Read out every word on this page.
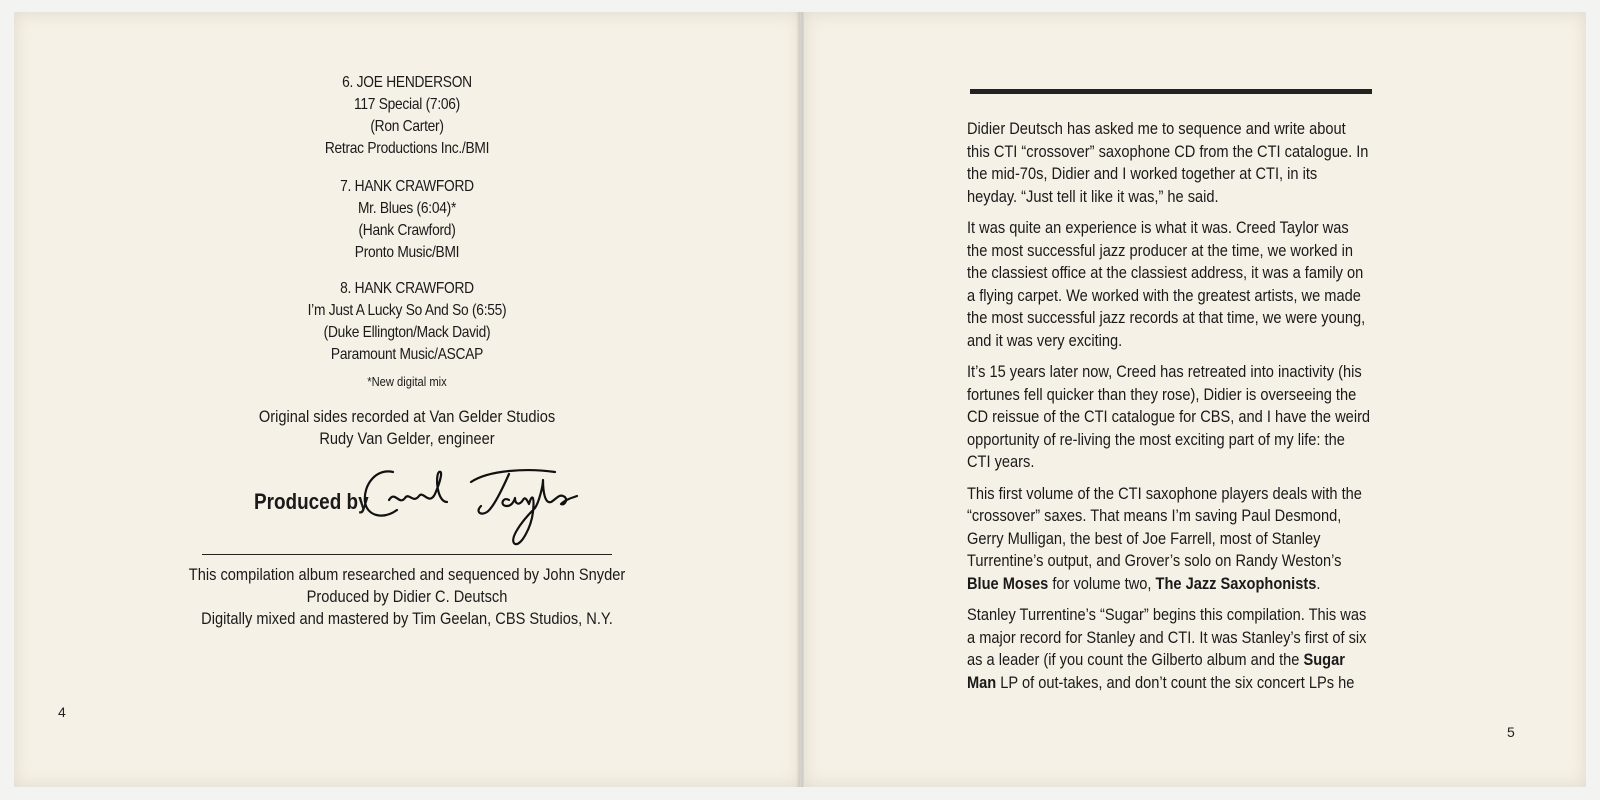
6. JOE HENDERSON
117 Special (7:06)
(Ron Carter)
Retrac Productions Inc./BMI
7. HANK CRAWFORD
Mr. Blues (6:04)*
(Hank Crawford)
Pronto Music/BMI
8. HANK CRAWFORD
I’m Just A Lucky So And So (6:55)
(Duke Ellington/Mack David)
Paramount Music/ASCAP
*New digital mix
Original sides recorded at Van Gelder Studios
Rudy Van Gelder, engineer
Produced by
This compilation album researched and sequenced by John Snyder
Produced by Didier C. Deutsch
Digitally mixed and mastered by Tim Geelan, CBS Studios, N.Y.
4

Didier Deutsch has asked me to sequence and write about this CTI “crossover” saxophone CD from the CTI catalogue. In the mid-70s, Didier and I worked together at CTI, in its heyday. “Just tell it like it was,” he said.

It was quite an experience is what it was. Creed Taylor was the most successful jazz producer at the time, we worked in the classiest office at the classiest address, it was a family on a flying carpet. We worked with the greatest artists, we made the most successful jazz records at that time, we were young, and it was very exciting.

It’s 15 years later now, Creed has retreated into inactivity (his fortunes fell quicker than they rose), Didier is overseeing the CD reissue of the CTI catalogue for CBS, and I have the weird opportunity of re-living the most exciting part of my life: the CTI years.

This first volume of the CTI saxophone players deals with the “crossover” saxes. That means I’m saving Paul Desmond, Gerry Mulligan, the best of Joe Farrell, most of Stanley Turrentine’s output, and Grover’s solo on Randy Weston’s Blue Moses for volume two, The Jazz Saxophonists.

Stanley Turrentine’s “Sugar” begins this compilation. This was a major record for Stanley and CTI. It was Stanley’s first of six as a leader (if you count the Gilberto album and the Sugar Man LP of out-takes, and don’t count the six concert LPs he

5
